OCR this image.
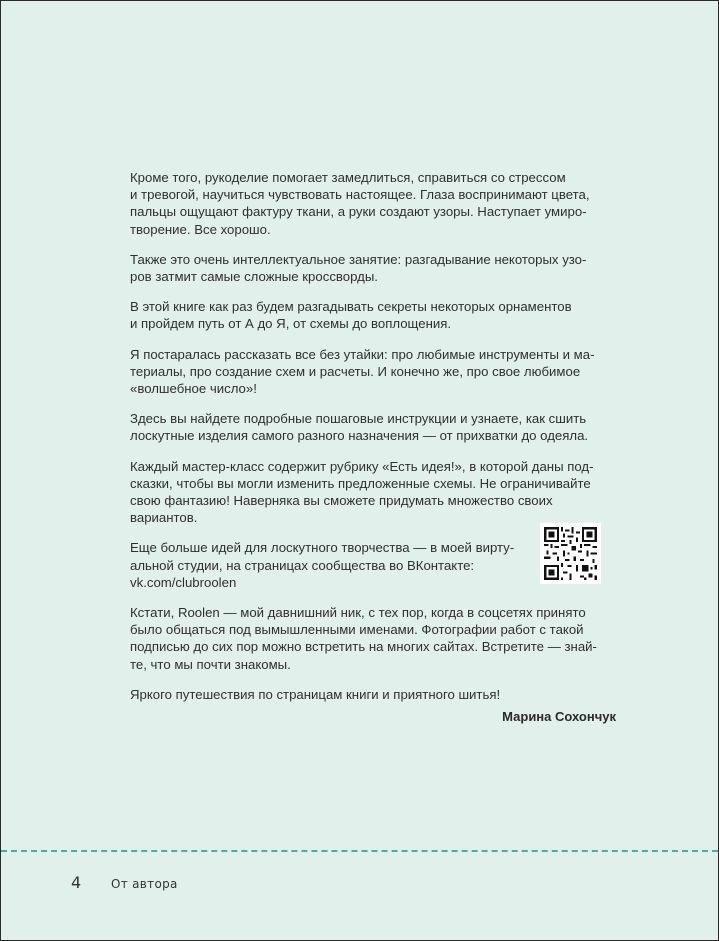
Кроме того, рукоделие помогает замедлиться, справиться со стрессом
и тревогой, научиться чувствовать настоящее. Глаза воспринимают цвета,
пальцы ощущают фактуру ткани, а руки создают узоры. Наступает умиро-
творение. Все хорошо.

Также это очень интеллектуальное занятие: разгадывание некоторых узо-
ров затмит самые сложные кроссворды.

В этой книге как раз будем разгадывать секреты некоторых орнаментов
и пройдем путь от А до Я, от схемы до воплощения.

Я постаралась рассказать все без утайки: про любимые инструменты и ма-
териалы, про создание схем и расчеты. И конечно же, про свое любимое
«волшебное число»!

Здесь вы найдете подробные пошаговые инструкции и узнаете, как сшить
лоскутные изделия самого разного назначения — от прихватки до одеяла.

Каждый мастер-класс содержит рубрику «Есть идея!», в которой даны под-
сказки, чтобы вы могли изменить предложенные схемы. Не ограничивайте
свою фантазию! Наверняка вы сможете придумать множество своих
вариантов.

Еще больше идей для лоскутного творчества — в моей вирту-
альной студии, на страницах сообщества во ВКонтакте:
vk.com/clubroolen

Кстати, Roolen — мой давнишний ник, с тех пор, когда в соцсетях принято
было общаться под вымышленными именами. Фотографии работ с такой
подписью до сих пор можно встретить на многих сайтах. Встретите — знай-
те, что мы почти знакомы.

Яркого путешествия по страницам книги и приятного шитья!

Марина Сохончук
4 От автора
